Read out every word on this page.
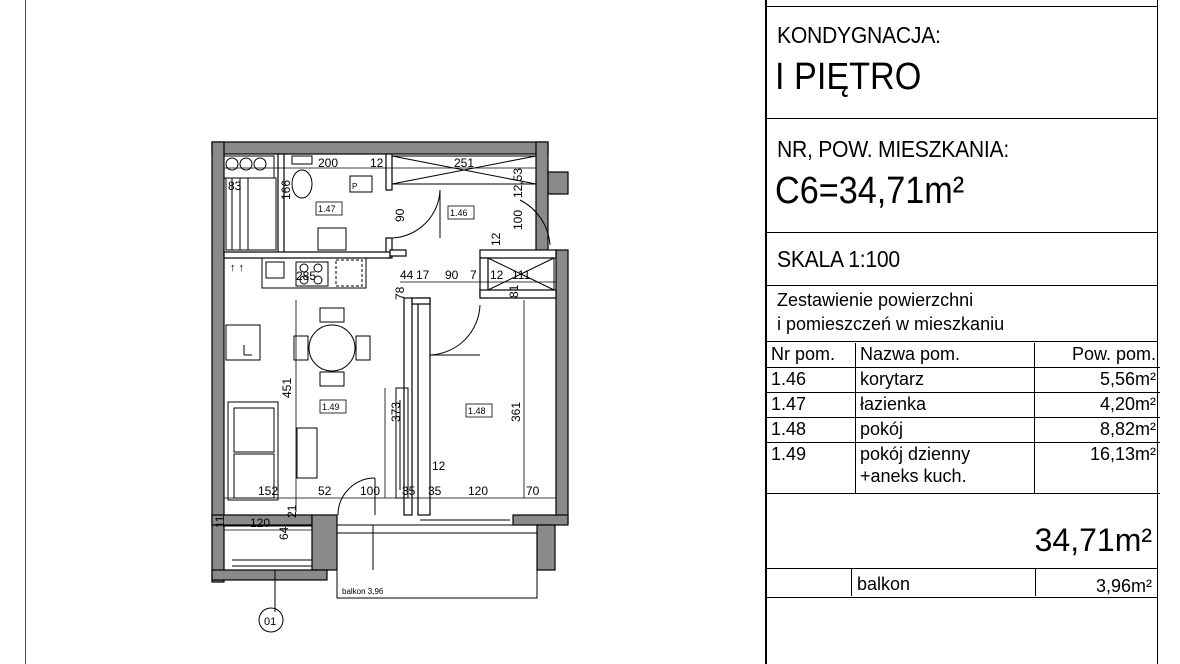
1.47	1.46
1.49	1.48
200	12	251
83	166
90
12,53
100
12
44 17 90 7 12 111
78
285
451
373	361
81
152	52 100 35 35 120	70
12
120
21
64
11
balkon 3,96
01
P
↑ ↑
KONDYGNACJA:
I PIĘTRO
NR, POW. MIESZKANIA:
C6=34,71m²
SKALA 1:100
Zestawienie powierzchni
i pomieszczeń w mieszkaniu
Nr pom.	Nazwa pom.	Pow. pom.
1.46	korytarz	5,56m²
1.47	łazienka	4,20m²
1.48	pokój	8,82m²
1.49	pokój dzienny
+aneks kuch.	16,13m²
34,71m²
balkon	3,96m²
